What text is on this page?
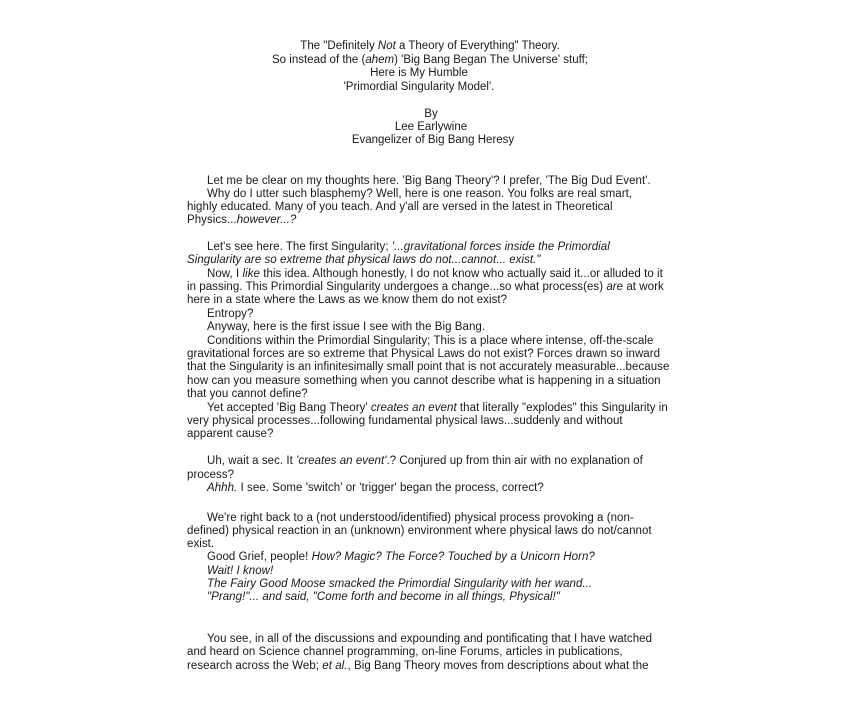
The "Definitely Not a Theory of Everything" Theory.
So instead of the (ahem) 'Big Bang Began The Universe' stuff;
Here is My Humble
'Primordial Singularity Model'.
By
Lee Earlywine
Evangelizer of Big Bang Heresy
Let me be clear on my thoughts here. 'Big Bang Theory'? I prefer, 'The Big Dud Event'.
Why do I utter such blasphemy? Well, here is one reason. You folks are real smart,
highly educated. Many of you teach. And y'all are versed in the latest in Theoretical
Physics...however...?
Let's see here. The first Singularity; '...gravitational forces inside the Primordial
Singularity are so extreme that physical laws do not...cannot... exist."
Now, I like this idea. Although honestly, I do not know who actually said it...or alluded to it
in passing. This Primordial Singularity undergoes a change...so what process(es) are at work
here in a state where the Laws as we know them do not exist?
Entropy?
Anyway, here is the first issue I see with the Big Bang.
Conditions within the Primordial Singularity; This is a place where intense, off-the-scale
gravitational forces are so extreme that Physical Laws do not exist? Forces drawn so inward
that the Singularity is an infinitesimally small point that is not accurately measurable...because
how can you measure something when you cannot describe what is happening in a situation
that you cannot define?
Yet accepted 'Big Bang Theory' creates an event that literally "explodes" this Singularity in
very physical processes...following fundamental physical laws...suddenly and without
apparent cause?
Uh, wait a sec. It 'creates an event'.? Conjured up from thin air with no explanation of
process?
Ahhh. I see. Some 'switch' or 'trigger' began the process, correct?
We're right back to a (not understood/identified) physical process provoking a (non-
defined) physical reaction in an (unknown) environment where physical laws do not/cannot
exist.
Good Grief, people! How? Magic? The Force? Touched by a Unicorn Horn?
Wait! I know!
The Fairy Good Moose smacked the Primordial Singularity with her wand...
"Prang!"... and said, "Come forth and become in all things, Physical!"
You see, in all of the discussions and expounding and pontificating that I have watched
and heard on Science channel programming, on-line Forums, articles in publications,
research across the Web; et al., Big Bang Theory moves from descriptions about what the
